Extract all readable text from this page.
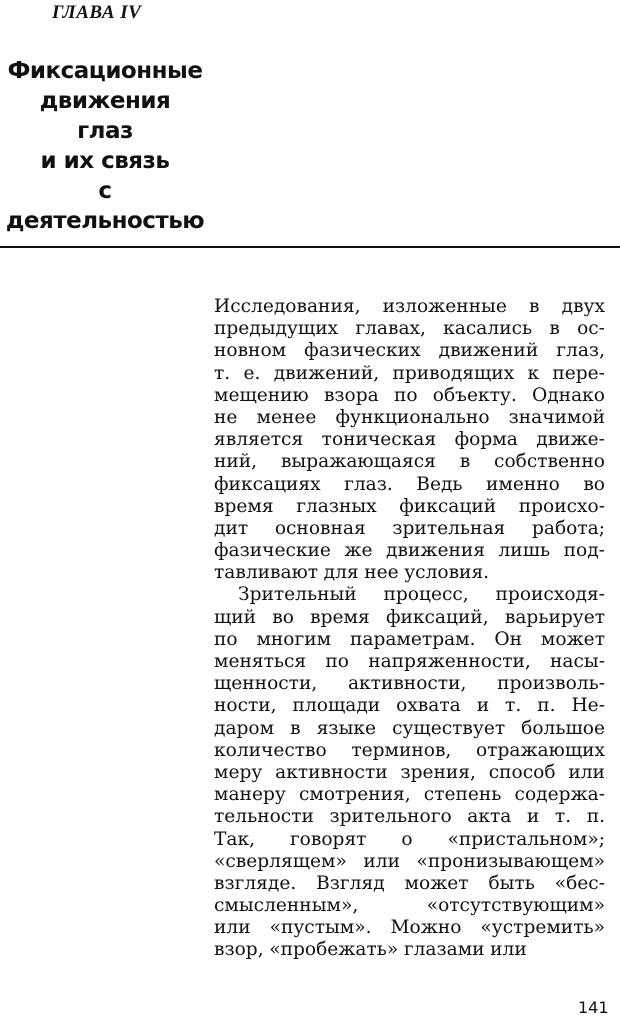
ГЛАВА IV

Фиксационные
движения
глаз
и их связь
с
деятельностью
Исследования, изложенные в двух
предыдущих главах, касались в ос-
новном фазических движений глаз,
т. е. движений, приводящих к пере-
мещению взора по объекту. Однако
не менее функционально значимой
является тоническая форма движе-
ний, выражающаяся в собственно
фиксациях глаз. Ведь именно во
время глазных фиксаций происхо-
дит основная зрительная работа;
фазические же движения лишь под-
тавливают для нее условия.
Зрительный процесс, происходя-
щий во время фиксаций, варьирует
по многим параметрам. Он может
меняться по напряженности, насы-
щенности, активности, произволь-
ности, площади охвата и т. п. Не-
даром в языке существует большое
количество терминов, отражающих
меру активности зрения, способ или
манеру смотрения, степень содержа-
тельности зрительного акта и т. п.
Так, говорят о «пристальном»;
«сверлящем» или «пронизывающем»
взгляде. Взгляд может быть «бес-
смысленным»,	«отсутствующим»
или «пустым». Можно «устремить»
взор, «пробежать» глазами или

141
